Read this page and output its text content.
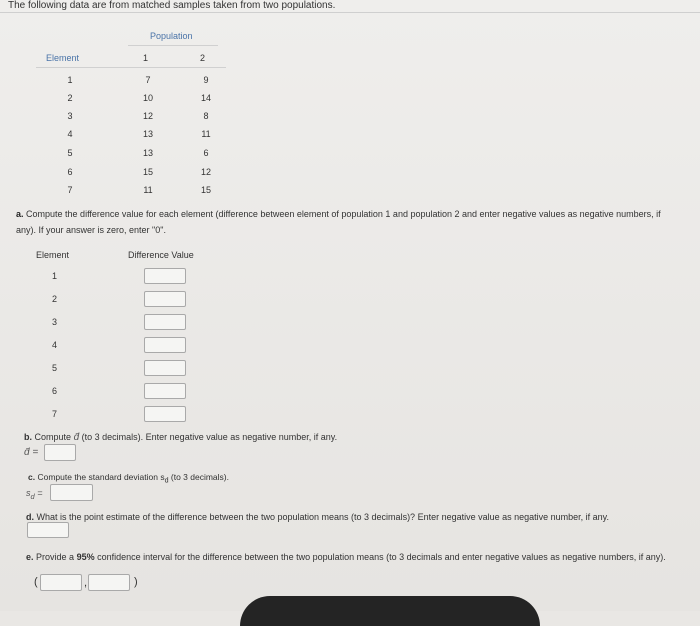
The following data are from matched samples taken from two populations.
Population
Element	1	2
1	7	9
2	10	14
3	12	8
4	13	11
5	13	6
6	15	12
7	11	15
a. Compute the difference value for each element (difference between element of population 1 and population 2 and enter negative values as negative numbers, if any). If your answer is zero, enter "0".
Element	Difference Value
1
2
3
4
5
6
7
b. Compute d̄ (to 3 decimals). Enter negative value as negative number, if any.
d̄ =
c. Compute the standard deviation $s_d$ (to 3 decimals).
$s_d$ =
d. What is the point estimate of the difference between the two population means (to 3 decimals)? Enter negative value as negative number, if any.
e. Provide a 95% confidence interval for the difference between the two population means (to 3 decimals and enter negative values as negative numbers, if any).
(	,	)
